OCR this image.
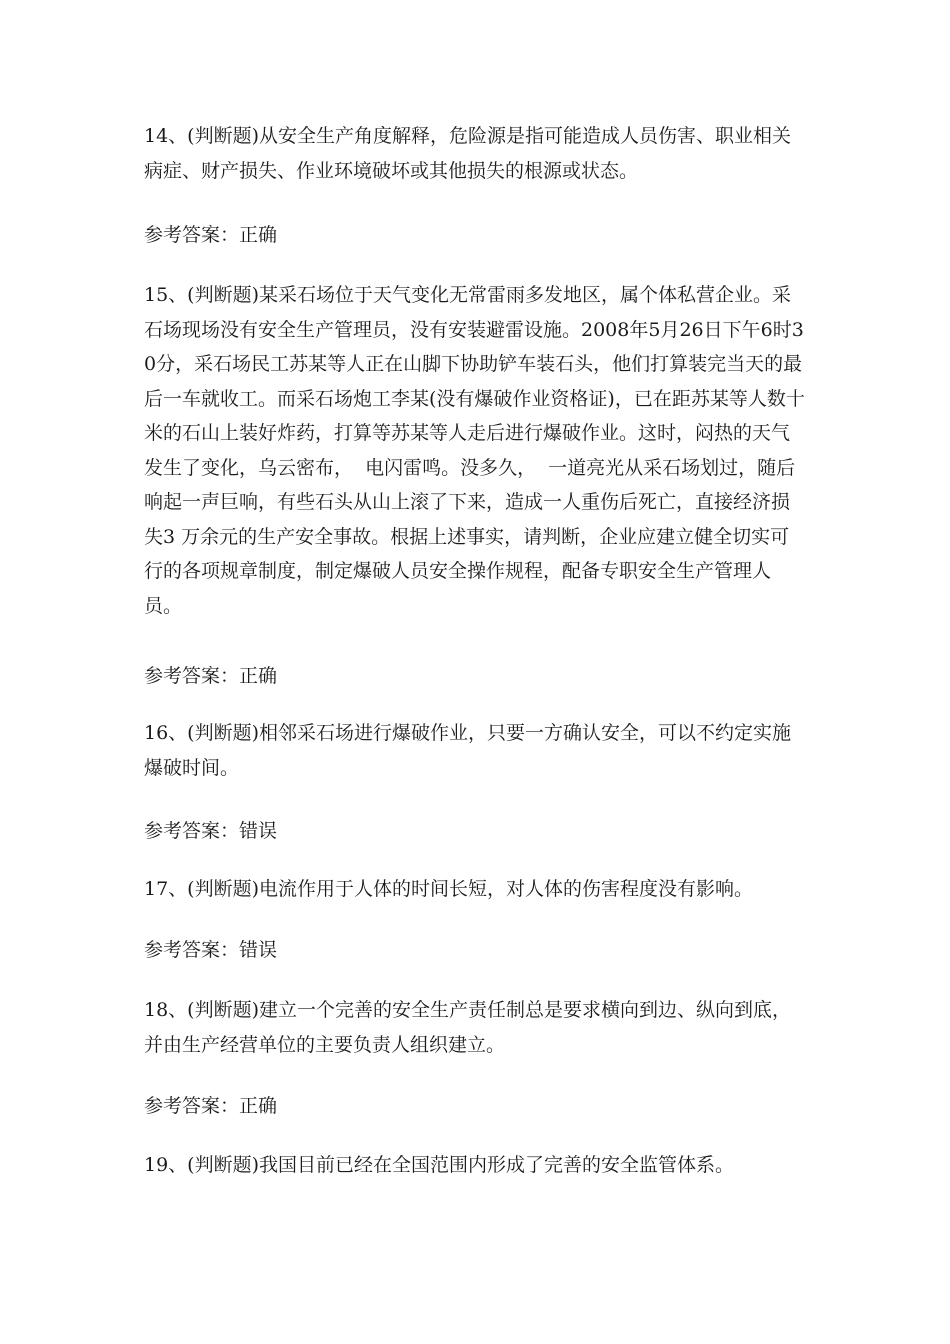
14、(判断题)从安全生产角度解释，危险源是指可能造成人员伤害、职业相关病症、财产损失、作业环境破坏或其他损失的根源或状态。

参考答案：正确

15、(判断题)某采石场位于天气变化无常雷雨多发地区，属个体私营企业。采石场现场没有安全生产管理员，没有安装避雷设施。2008年5月26日下午6时30分，采石场民工苏某等人正在山脚下协助铲车装石头，他们打算装完当天的最后一车就收工。而采石场炮工李某(没有爆破作业资格证)，已在距苏某等人数十米的石山上装好炸药，打算等苏某等人走后进行爆破作业。这时，闷热的天气发生了变化，乌云密布，  电闪雷鸣。没多久，  一道亮光从采石场划过，随后响起一声巨响，有些石头从山上滚了下来，造成一人重伤后死亡，直接经济损失3 万余元的生产安全事故。根据上述事实，请判断，企业应建立健全切实可行的各项规章制度，制定爆破人员安全操作规程，配备专职安全生产管理人员。

参考答案：正确

16、(判断题)相邻采石场进行爆破作业，只要一方确认安全，可以不约定实施爆破时间。

参考答案：错误

17、(判断题)电流作用于人体的时间长短，对人体的伤害程度没有影响。

参考答案：错误

18、(判断题)建立一个完善的安全生产责任制总是要求横向到边、纵向到底，并由生产经营单位的主要负责人组织建立。

参考答案：正确

19、(判断题)我国目前已经在全国范围内形成了完善的安全监管体系。
